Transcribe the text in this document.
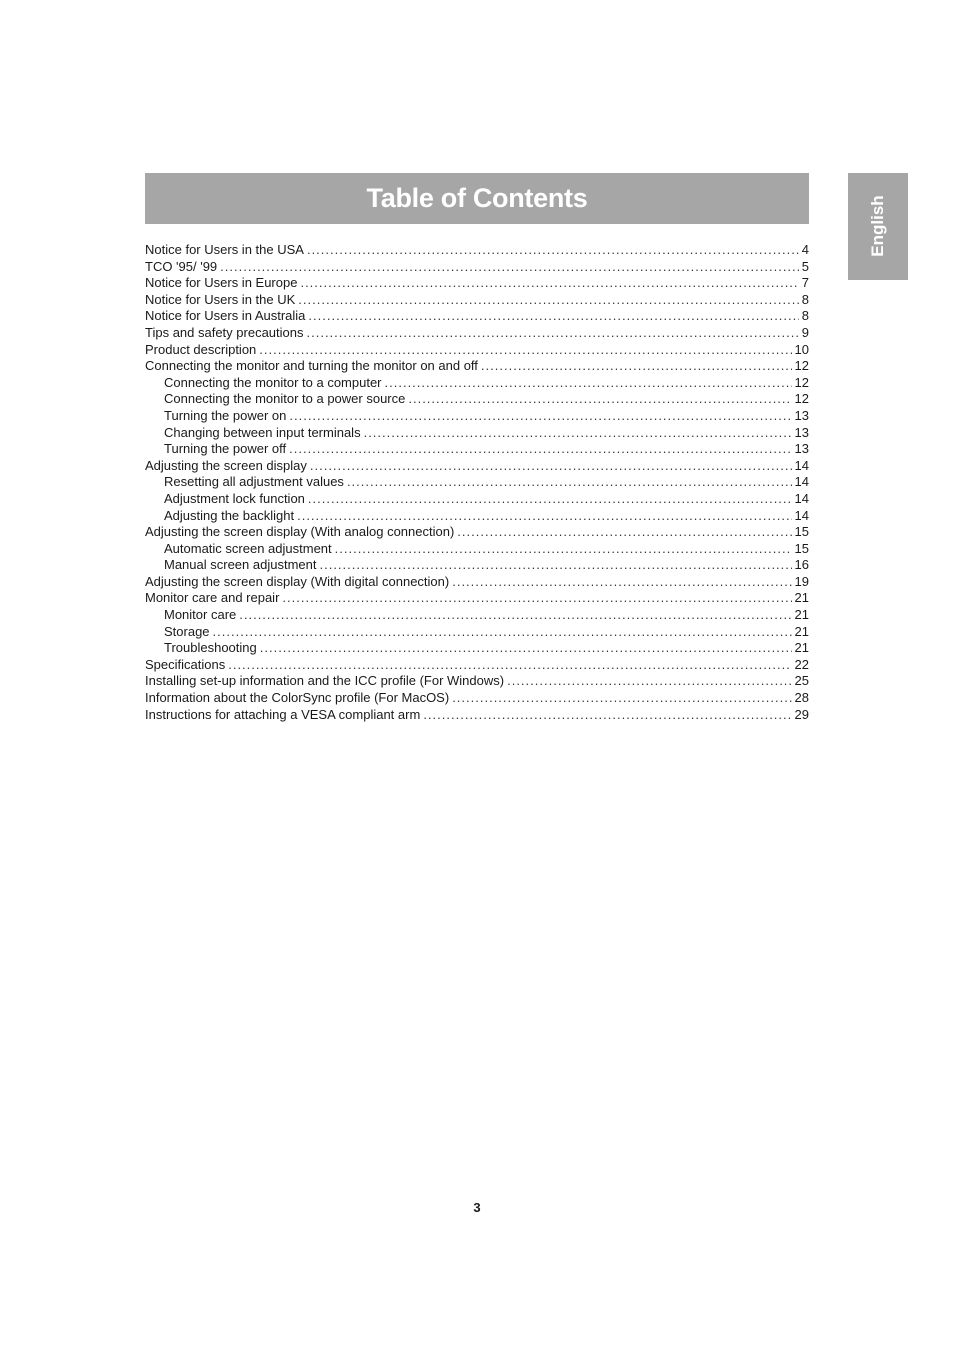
Table of Contents	English
Notice for Users in the USA .....	4
TCO '95/ '99 .....	5
Notice for Users in Europe .....	7
Notice for Users in the UK .....	8
Notice for Users in Australia .....	8
Tips and safety precautions .....	9
Product description .....	10
Connecting the monitor and turning the monitor on and off .....	12
Connecting the monitor to a computer .....	12
Connecting the monitor to a power source .....	12
Turning the power on .....	13
Changing between input terminals .....	13
Turning the power off .....	13
Adjusting the screen display .....	14
Resetting all adjustment values .....	14
Adjustment lock function .....	14
Adjusting the backlight .....	14
Adjusting the screen display (With analog connection) .....	15
Automatic screen adjustment .....	15
Manual screen adjustment .....	16
Adjusting the screen display (With digital connection) .....	19
Monitor care and repair .....	21
Monitor care .....	21
Storage .....	21
Troubleshooting .....	21
Specifications .....	22
Installing set-up information and the ICC profile (For Windows) .....	25
Information about the ColorSync profile (For MacOS) .....	28
Instructions for attaching a VESA compliant arm .....	29
3
